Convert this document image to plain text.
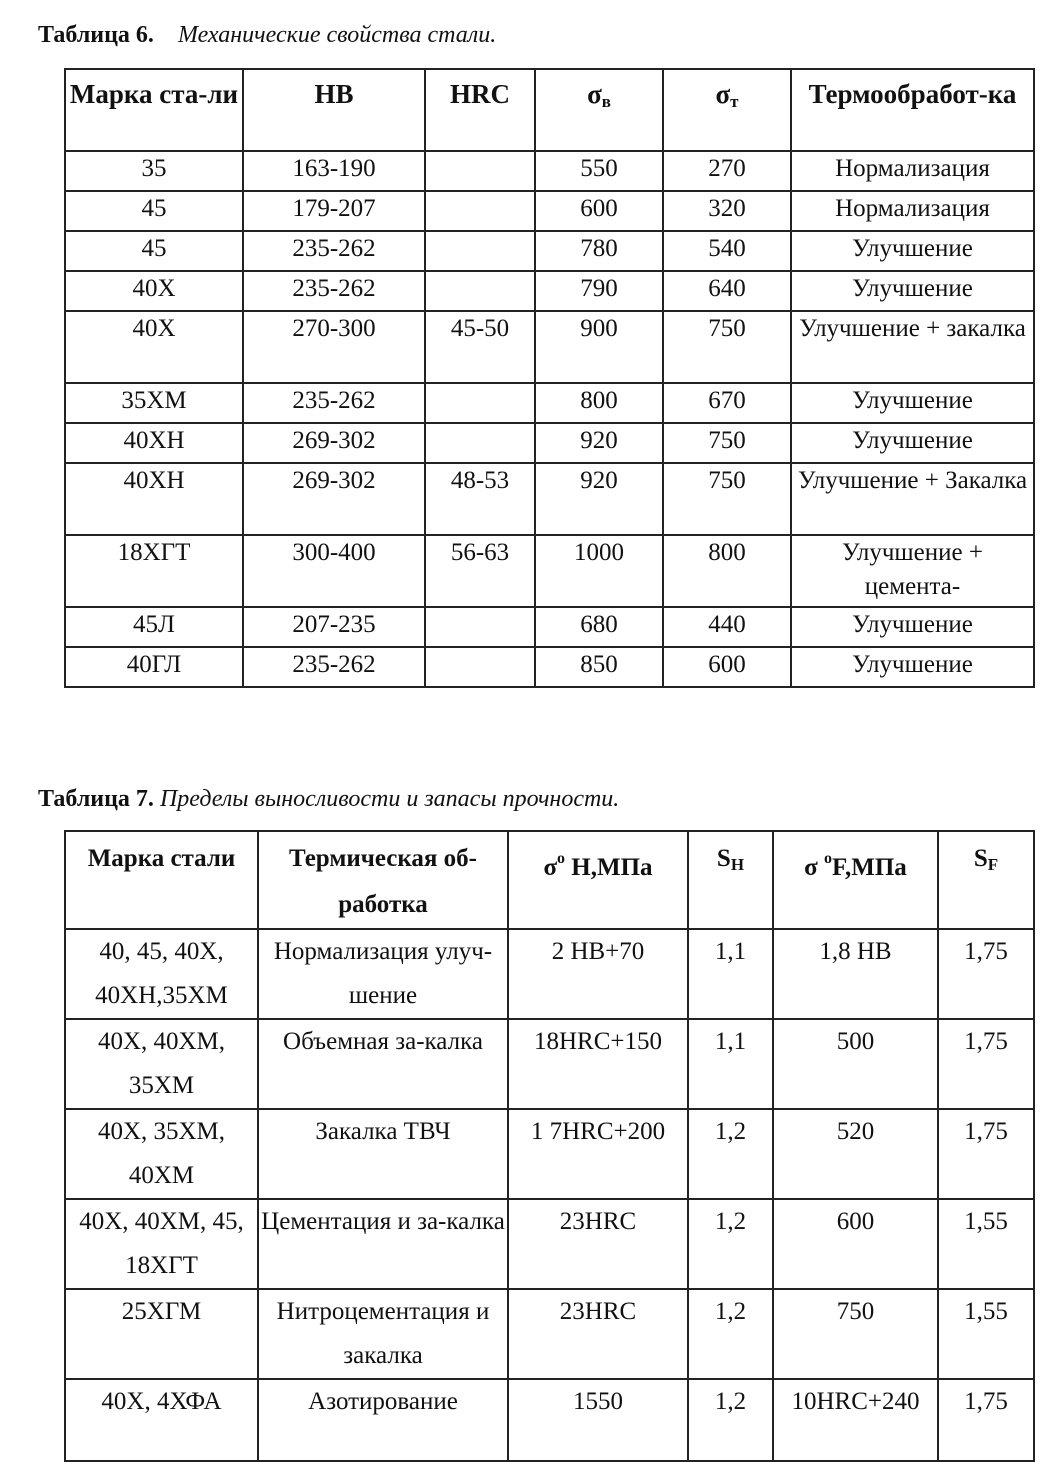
Таблица 6. Механические свойства стали.
Марка ста-ли	HB	HRC	$\sigma_в$	$\sigma_т$	Термообработ-ка
35	163-190		550	270	Нормализация
45	179-207		600	320	Нормализация
45	235-262		780	540	Улучшение
40Х	235-262		790	640	Улучшение
40Х	270-300	45-50	900	750	Улучшение + закалка
35ХМ	235-262		800	670	Улучшение
40ХН	269-302		920	750	Улучшение
40ХН	269-302	48-53	920	750	Улучшение + Закалка
18ХГТ	300-400	56-63	1000	800	Улучшение + цемента-
45Л	207-235		680	440	Улучшение
40ГЛ	235-262		850	600	Улучшение
Таблица 7. Пределы выносливости и запасы прочности.
Марка стали	Термическая об-работка	$\sigma^o$ Н,МПа	$S_H$	σ $^o$F,МПа	$S_F$
40, 45, 40Х, 40ХН,35ХМ	Нормализация улуч-шение	2 HB+70	1,1	1,8 HB	1,75
40Х, 40ХМ, 35ХМ	Объемная за-калка	18HRC+150	1,1	500	1,75
40Х, 35ХМ, 40ХМ	Закалка ТВЧ	1 7HRC+200	1,2	520	1,75
40Х, 40ХМ, 45, 18ХГТ	Цементация и за-калка	23HRC	1,2	600	1,55
25ХГМ	Нитроцементация и закалка	23HRC	1,2	750	1,55
40Х, 4ХФА	Азотирование	1550	1,2	10HRC+240	1,75
